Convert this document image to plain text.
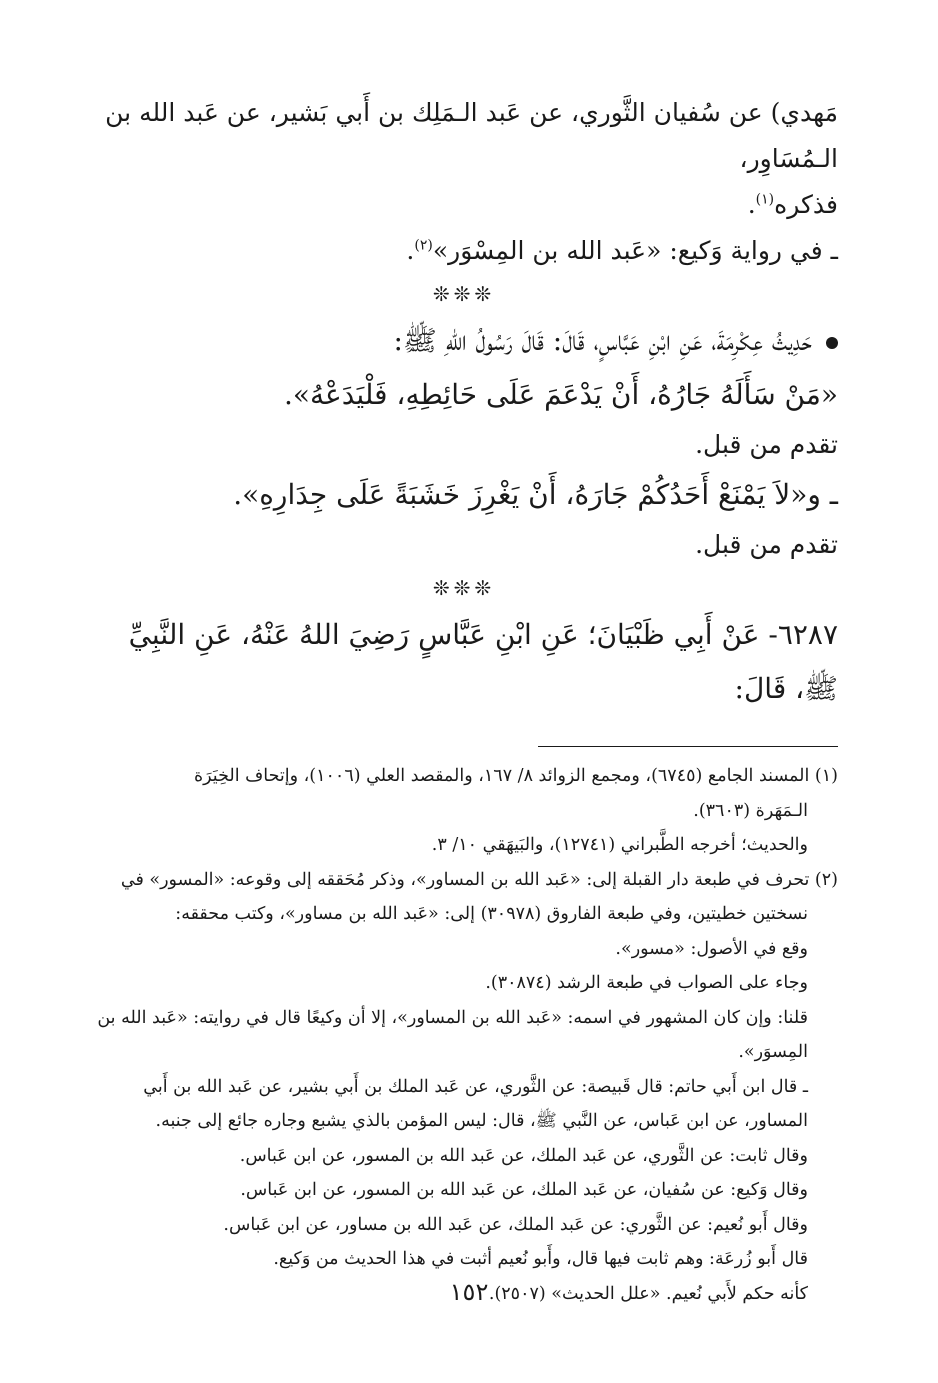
مَهدي) عن سُفيان الثَّوري، عن عَبد الـمَلِك بن أَبي بَشير، عن عَبد الله بن الـمُسَاوِر،

فذكره$^{(١)}$.

ـ في رواية وَكيع: «عَبد الله بن المِسْوَر»$^{(٢)}$.

❊❊❊

حَدِيثُ عِكْرِمَةَ، عَنِ ابْنِ عَبَّاسٍ، قَالَ: قَالَ رَسُولُ اللهِ ﷺ:

«مَنْ سَأَلَهُ جَارُهُ، أَنْ يَدْعَمَ عَلَى حَائِطِهِ، فَلْيَدَعْهُ».

تقدم من قبل.

ـ و«لاَ يَمْنَعْ أَحَدُكُمْ جَارَهُ، أَنْ يَغْرِزَ خَشَبَةً عَلَى جِدَارِهِ».

تقدم من قبل.

❊❊❊

٦٢٨٧- عَنْ أَبِي ظَبْيَانَ؛ عَنِ ابْنِ عَبَّاسٍ رَضِيَ اللهُ عَنْهُ، عَنِ النَّبِيِّ ﷺ، قَالَ:

(١) المسند الجامع (٦٧٤٥)، ومجمع الزوائد ٨/ ١٦٧، والمقصد العلي (١٠٠٦)، وإتحاف الخِيَرَة

الـمَهَرة (٣٦٠٣).

والحديث؛ أخرجه الطَّبراني (١٢٧٤١)، والبَيهَقي ١٠/ ٣.

(٢) تحرف في طبعة دار القبلة إلى: «عَبد الله بن المساور»، وذكر مُحَققه إلى وقوعه: «المسور» في

نسختين خطيتين، وفي طبعة الفاروق (٣٠٩٧٨) إلى: «عَبد الله بن مساور»، وكتب محققه:

وقع في الأصول: «مسور».

وجاء على الصواب في طبعة الرشد (٣٠٨٧٤).

قلنا: وإن كان المشهور في اسمه: «عَبد الله بن المساور»، إلا أن وكيعًا قال في روايته: «عَبد الله بن

المِسوَر».

ـ قال ابن أَبي حاتم: قال قَبيصة: عن الثَّوري، عن عَبد الملك بن أَبي بشير، عن عَبد الله بن أَبي

المساور، عن ابن عَباس، عن النَّبي ﷺ، قال: ليس المؤمن بالذي يشبع وجاره جائع إلى جنبه.

وقال ثابت: عن الثَّوري، عن عَبد الملك، عن عَبد الله بن المسور، عن ابن عَباس.

وقال وَكيع: عن سُفيان، عن عَبد الملك، عن عَبد الله بن المسور، عن ابن عَباس.

وقال أَبو نُعيم: عن الثَّوري: عن عَبد الملك، عن عَبد الله بن مساور، عن ابن عَباس.

قال أَبو زُرعَة: وهم ثابت فيها قال، وأَبو نُعيم أثبت في هذا الحديث من وَكيع.

كأنه حكم لأَبي نُعيم. «علل الحديث» (٢٥٠٧).

١٥٢
